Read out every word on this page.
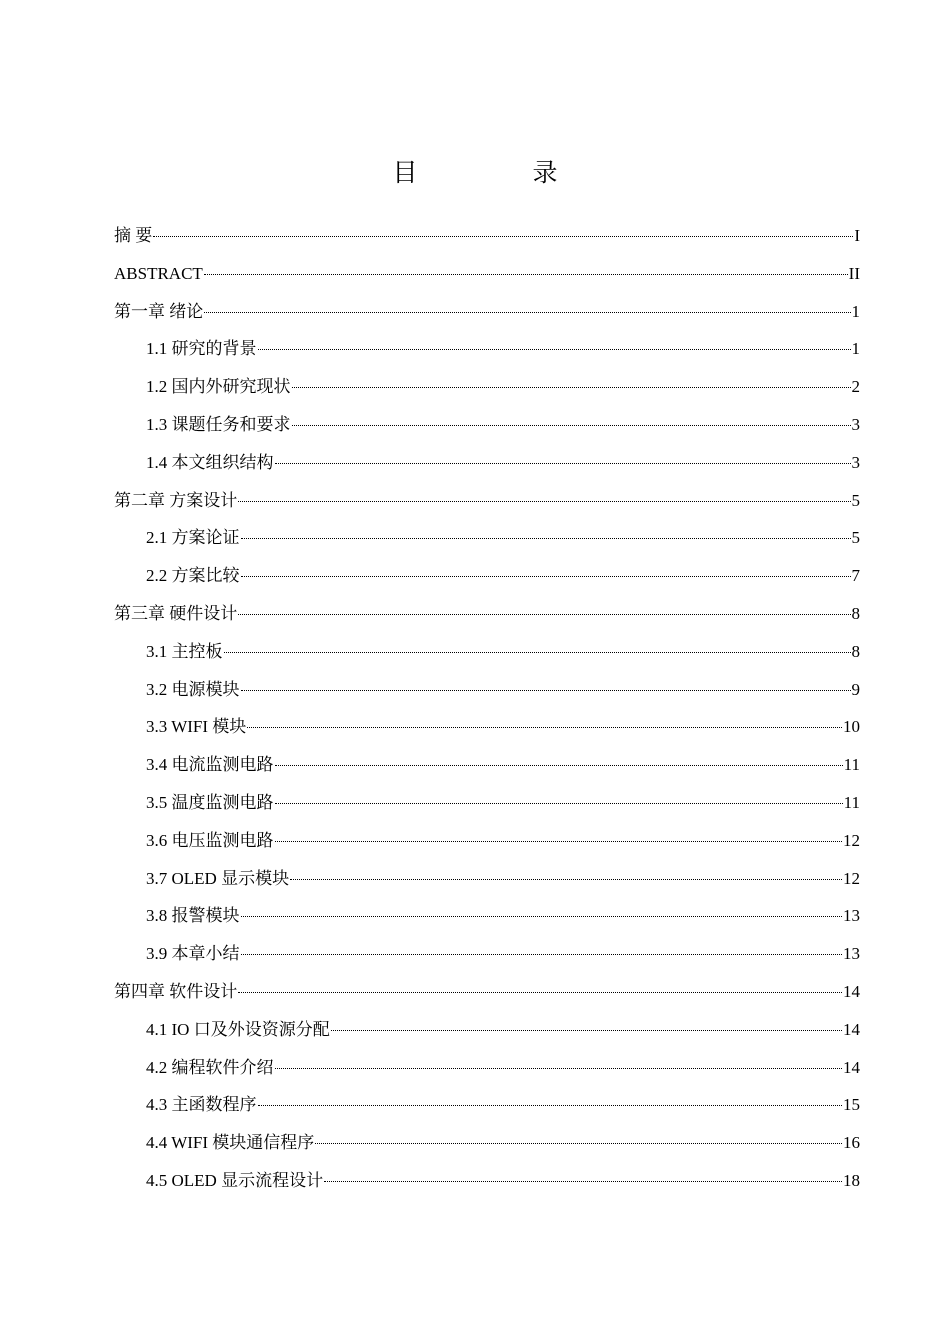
目　录
摘 要	I
ABSTRACT	II
第一章 绪论	1
1.1 研究的背景	1
1.2 国内外研究现状	2
1.3 课题任务和要求	3
1.4 本文组织结构	3
第二章 方案设计	5
2.1 方案论证	5
2.2 方案比较	7
第三章 硬件设计	8
3.1 主控板	8
3.2 电源模块	9
3.3 WIFI 模块	10
3.4 电流监测电路	11
3.5 温度监测电路	11
3.6 电压监测电路	12
3.7 OLED 显示模块	12
3.8 报警模块	13
3.9 本章小结	13
第四章 软件设计	14
4.1 IO 口及外设资源分配	14
4.2 编程软件介绍	14
4.3 主函数程序	15
4.4 WIFI 模块通信程序	16
4.5 OLED 显示流程设计	18
